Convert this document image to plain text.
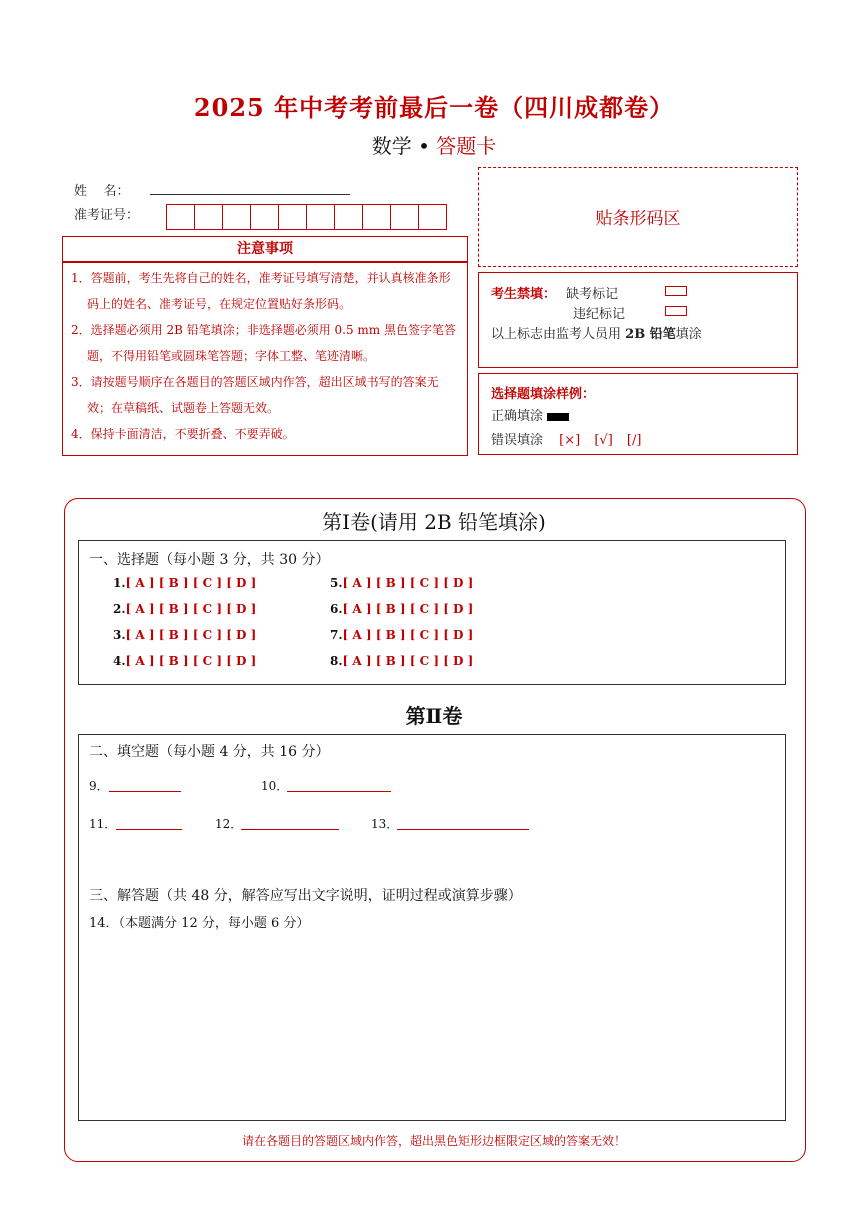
2025 年中考考前最后一卷（四川成都卷）
数学 • 答题卡
姓    名：
准考证号：	贴条形码区
注意事项
1．答题前，考生先将自己的姓名，准考证号填写清楚，并认真核准条形码上的姓名、准考证号，在规定位置贴好条形码。
2．选择题必须用 2B 铅笔填涂；非选择题必须用 0.5 mm 黑色签字笔答题，不得用铅笔或圆珠笔答题；字体工整、笔迹清晰。
3．请按题号顺序在各题目的答题区域内作答，超出区域书写的答案无效；在草稿纸、试题卷上答题无效。
4．保持卡面清洁，不要折叠、不要弄破。
考生禁填： 缺考标记
违纪标记
以上标志由监考人员用 2B 铅笔填涂
选择题填涂样例：
正确填涂
错误填涂 [×] [√] [/]
第Ⅰ卷(请用 2B 铅笔填涂)
一、选择题（每小题 3 分，共 30 分）
1.[ A ] [ B ] [ C ] [ D ]
2.[ A ] [ B ] [ C ] [ D ]
3.[ A ] [ B ] [ C ] [ D ]
4.[ A ] [ B ] [ C ] [ D ]
5.[ A ] [ B ] [ C ] [ D ]
6.[ A ] [ B ] [ C ] [ D ]
7.[ A ] [ B ] [ C ] [ D ]
8.[ A ] [ B ] [ C ] [ D ]
第Ⅱ卷
二、填空题（每小题 4 分，共 16 分）
9．	10．
11．	12．	13．
三、解答题（共 48 分，解答应写出文字说明，证明过程或演算步骤）
14．（本题满分 12 分，每小题 6 分）
请在各题目的答题区域内作答，超出黑色矩形边框限定区域的答案无效！
